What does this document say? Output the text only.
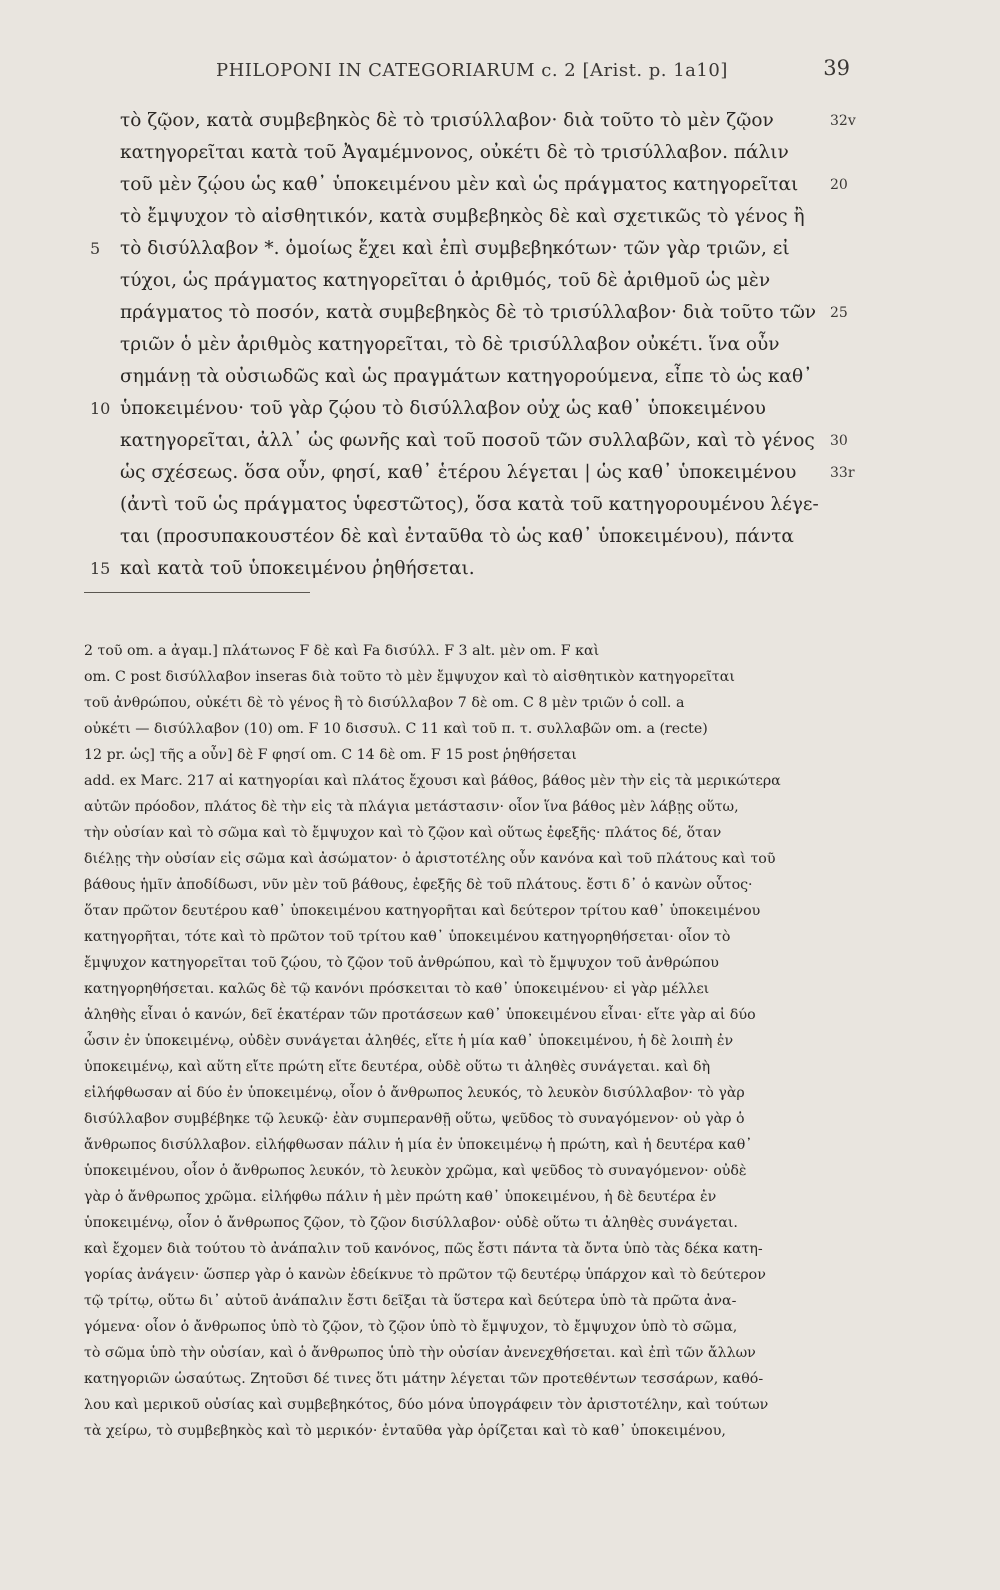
PHILOPONI IN CATEGORIARUM c. 2 [Arist. p. 1a10]	39
τὸ ζῷον, κατὰ συμβεβηκὸς δὲ τὸ τρισύλλαβον· διὰ τοῦτο τὸ μὲν ζῷον	32v
κατηγορεῖται κατὰ τοῦ Ἀγαμέμνονος, οὐκέτι δὲ τὸ τρισύλλαβον. πάλιν
τοῦ μὲν ζῴου ὡς καθ᾽ ὑποκειμένου μὲν καὶ ὡς πράγματος κατηγορεῖται	20
τὸ ἔμψυχον τὸ αἰσθητικόν, κατὰ συμβεβηκὸς δὲ καὶ σχετικῶς τὸ γένος ἢ
5	τὸ δισύλλαβον *. ὁμοίως ἔχει καὶ ἐπὶ συμβεβηκότων· τῶν γὰρ τριῶν, εἰ
τύχοι, ὡς πράγματος κατηγορεῖται ὁ ἀριθμός, τοῦ δὲ ἀριθμοῦ ὡς μὲν
πράγματος τὸ ποσόν, κατὰ συμβεβηκὸς δὲ τὸ τρισύλλαβον· διὰ τοῦτο τῶν 25
τριῶν ὁ μὲν ἀριθμὸς κατηγορεῖται, τὸ δὲ τρισύλλαβον οὐκέτι. ἵνα οὖν
σημάνῃ τὰ οὐσιωδῶς καὶ ὡς πραγμάτων κατηγορούμενα, εἶπε τὸ ὡς καθ᾽
10 ὑποκειμένου· τοῦ γὰρ ζῴου τὸ δισύλλαβον οὐχ ὡς καθ᾽ ὑποκειμένου
κατηγορεῖται, ἀλλ᾽ ὡς φωνῆς καὶ τοῦ ποσοῦ τῶν συλλαβῶν, καὶ τὸ γένος	30
ὡς σχέσεως. ὅσα οὖν, φησί, καθ᾽ ἑτέρου λέγεται | ὡς καθ᾽ ὑποκειμένου	33r
(ἀντὶ τοῦ ὡς πράγματος ὑφεστῶτος), ὅσα κατὰ τοῦ κατηγορουμένου λέγε-
ται (προσυπακουστέον δὲ καὶ ἐνταῦθα τὸ ὡς καθ᾽ ὑποκειμένου), πάντα
15 καὶ κατὰ τοῦ ὑποκειμένου ῥηθήσεται.
2 τοῦ om. a ἀγαμ.] πλάτωνος F δὲ καὶ Fa δισύλλ. F 3 alt. μὲν om. F καὶ
om. C post δισύλλαβον inseras διὰ τοῦτο τὸ μὲν ἔμψυχον καὶ τὸ αἰσθητικὸν κατηγορεῖται
τοῦ ἀνθρώπου, οὐκέτι δὲ τὸ γένος ἢ τὸ δισύλλαβον 7 δὲ om. C 8 μὲν τριῶν ὁ coll. a
οὐκέτι — δισύλλαβον (10) om. F 10 δισσυλ. C 11 καὶ τοῦ π. τ. συλλαβῶν om. a (recte)
12 pr. ὡς] τῆς a οὖν] δὲ F φησί om. C 14 δὲ om. F 15 post ῥηθήσεται
add. ex Marc. 217 αἱ κατηγορίαι καὶ πλάτος ἔχουσι καὶ βάθος, βάθος μὲν τὴν εἰς τὰ μερικώτερα
αὐτῶν πρόοδον, πλάτος δὲ τὴν εἰς τὰ πλάγια μετάστασιν· οἷον ἵνα βάθος μὲν λάβῃς οὕτω,
τὴν οὐσίαν καὶ τὸ σῶμα καὶ τὸ ἔμψυχον καὶ τὸ ζῷον καὶ οὕτως ἐφεξῆς· πλάτος δέ, ὅταν
διέλῃς τὴν οὐσίαν εἰς σῶμα καὶ ἀσώματον· ὁ ἀριστοτέλης οὖν κανόνα καὶ τοῦ πλάτους καὶ τοῦ
βάθους ἡμῖν ἀποδίδωσι, νῦν μὲν τοῦ βάθους, ἐφεξῆς δὲ τοῦ πλάτους. ἔστι δ᾽ ὁ κανὼν οὗτος·
ὅταν πρῶτον δευτέρου καθ᾽ ὑποκειμένου κατηγορῆται καὶ δεύτερον τρίτου καθ᾽ ὑποκειμένου
κατηγορῆται, τότε καὶ τὸ πρῶτον τοῦ τρίτου καθ᾽ ὑποκειμένου κατηγορηθήσεται· οἷον τὸ
ἔμψυχον κατηγορεῖται τοῦ ζῴου, τὸ ζῷον τοῦ ἀνθρώπου, καὶ τὸ ἔμψυχον τοῦ ἀνθρώπου
κατηγορηθήσεται. καλῶς δὲ τῷ κανόνι πρόσκειται τὸ καθ᾽ ὑποκειμένου· εἰ γὰρ μέλλει
ἀληθὴς εἶναι ὁ κανών, δεῖ ἑκατέραν τῶν προτάσεων καθ᾽ ὑποκειμένου εἶναι· εἴτε γὰρ αἱ δύο
ὦσιν ἐν ὑποκειμένῳ, οὐδὲν συνάγεται ἀληθές, εἴτε ἡ μία καθ᾽ ὑποκειμένου, ἡ δὲ λοιπὴ ἐν
ὑποκειμένῳ, καὶ αὕτη εἴτε πρώτη εἴτε δευτέρα, οὐδὲ οὕτω τι ἀληθὲς συνάγεται. καὶ δὴ
εἰλήφθωσαν αἱ δύο ἐν ὑποκειμένῳ, οἷον ὁ ἄνθρωπος λευκός, τὸ λευκὸν δισύλλαβον· τὸ γὰρ
δισύλλαβον συμβέβηκε τῷ λευκῷ· ἐὰν συμπερανθῇ οὕτω, ψεῦδος τὸ συναγόμενον· οὐ γὰρ ὁ
ἄνθρωπος δισύλλαβον. εἰλήφθωσαν πάλιν ἡ μία ἐν ὑποκειμένῳ ἡ πρώτη, καὶ ἡ δευτέρα καθ᾽
ὑποκειμένου, οἷον ὁ ἄνθρωπος λευκόν, τὸ λευκὸν χρῶμα, καὶ ψεῦδος τὸ συναγόμενον· οὐδὲ
γὰρ ὁ ἄνθρωπος χρῶμα. εἰλήφθω πάλιν ἡ μὲν πρώτη καθ᾽ ὑποκειμένου, ἡ δὲ δευτέρα ἐν
ὑποκειμένῳ, οἷον ὁ ἄνθρωπος ζῷον, τὸ ζῷον δισύλλαβον· οὐδὲ οὕτω τι ἀληθὲς συνάγεται.
καὶ ἔχομεν διὰ τούτου τὸ ἀνάπαλιν τοῦ κανόνος, πῶς ἔστι πάντα τὰ ὄντα ὑπὸ τὰς δέκα κατη-
γορίας ἀνάγειν· ὥσπερ γὰρ ὁ κανὼν ἐδείκνυε τὸ πρῶτον τῷ δευτέρῳ ὑπάρχον καὶ τὸ δεύτερον
τῷ τρίτῳ, οὕτω δι᾽ αὐτοῦ ἀνάπαλιν ἔστι δεῖξαι τὰ ὕστερα καὶ δεύτερα ὑπὸ τὰ πρῶτα ἀνα-
γόμενα· οἷον ὁ ἄνθρωπος ὑπὸ τὸ ζῷον, τὸ ζῷον ὑπὸ τὸ ἔμψυχον, τὸ ἔμψυχον ὑπὸ τὸ σῶμα,
τὸ σῶμα ὑπὸ τὴν οὐσίαν, καὶ ὁ ἄνθρωπος ὑπὸ τὴν οὐσίαν ἀνενεχθήσεται. καὶ ἐπὶ τῶν ἄλλων
κατηγοριῶν ὡσαύτως. Ζητοῦσι δέ τινες ὅτι μάτην λέγεται τῶν προτεθέντων τεσσάρων, καθό-
λου καὶ μερικοῦ οὐσίας καὶ συμβεβηκότος, δύο μόνα ὑπογράφειν τὸν ἀριστοτέλην, καὶ τούτων
τὰ χείρω, τὸ συμβεβηκὸς καὶ τὸ μερικόν· ἐνταῦθα γὰρ ὁρίζεται καὶ τὸ καθ᾽ ὑποκειμένου,
